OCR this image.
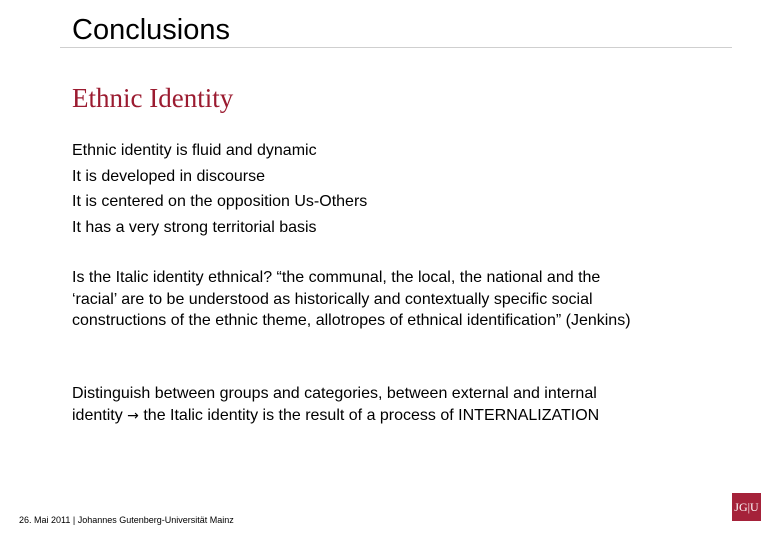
Conclusions
Ethnic Identity
Ethnic identity is fluid and dynamic
It is developed in discourse
It is centered on the opposition Us-Others
It has a very strong territorial basis
Is the Italic identity ethnical? “the communal, the local, the national and the ‘racial’ are to be understood as historically and contextually specific social constructions of the ethnic theme, allotropes of ethnical identification” (Jenkins)
Distinguish between groups and categories, between external and internal identity → the Italic identity is the result of a process of INTERNALIZATION
26. Mai 2011 | Johannes Gutenberg-Universität Mainz
JG|U
